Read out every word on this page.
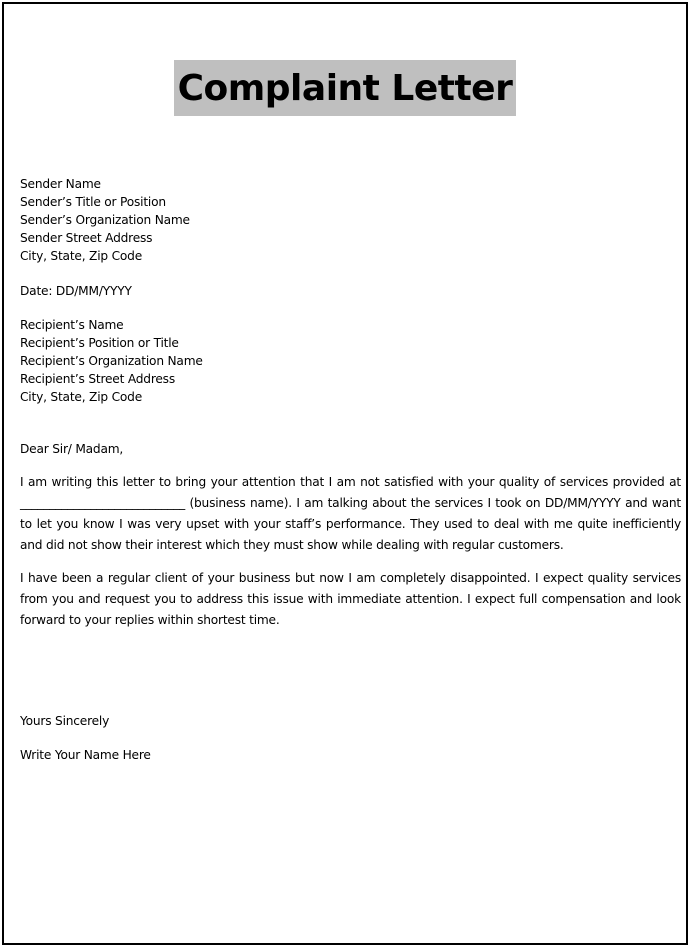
Complaint Letter
Sender Name
Sender’s Title or Position
Sender’s Organization Name
Sender Street Address
City, State, Zip Code
Date: DD/MM/YYYY
Recipient’s Name
Recipient’s Position or Title
Recipient’s Organization Name
Recipient’s Street Address
City, State, Zip Code
Dear Sir/ Madam,

I am writing this letter to bring your attention that I am not satisfied with your quality of services provided at ____________________________ (business name). I am talking about the services I took on DD/MM/YYYY and want to let you know I was very upset with your staff’s performance. They used to deal with me quite inefficiently and did not show their interest which they must show while dealing with regular customers.

I have been a regular client of your business but now I am completely disappointed. I expect quality services from you and request you to address this issue with immediate attention. I expect full compensation and look forward to your replies within shortest time.

Yours Sincerely
Write Your Name Here
